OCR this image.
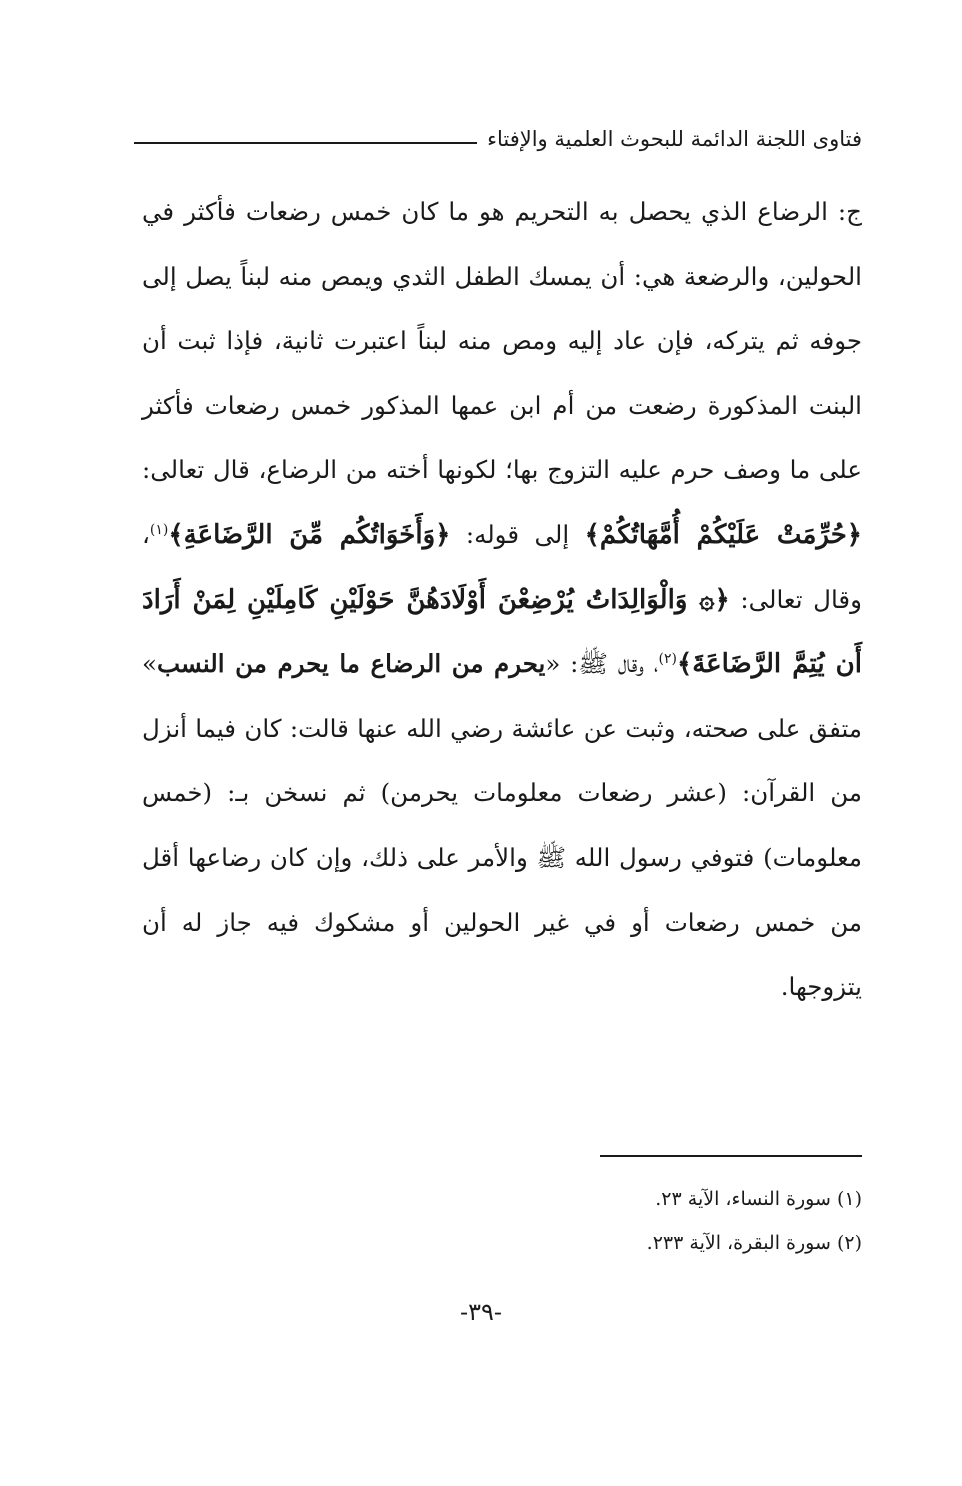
فتاوى اللجنة الدائمة للبحوث العلمية والإفتاء

ج: الرضاع الذي يحصل به التحريم هو ما كان خمس رضعات فأكثر في الحولين، والرضعة هي: أن يمسك الطفل الثدي ويمص منه لبناً يصل إلى جوفه ثم يتركه، فإن عاد إليه ومص منه لبناً اعتبرت ثانية، فإذا ثبت أن البنت المذكورة رضعت من أم ابن عمها المذكور خمس رضعات فأكثر على ما وصف حرم عليه التزوج بها؛ لكونها أخته من الرضاع، قال تعالى: ﴿حُرِّمَتْ عَلَيْكُمْ أُمَّهَاتُكُمْ﴾ إلى قوله: ﴿وَأَخَوَاتُكُم مِّنَ الرَّضَاعَةِ﴾$^{(١)}$، وقال تعالى: ﴿۞ وَالْوَالِدَاتُ يُرْضِعْنَ أَوْلَادَهُنَّ حَوْلَيْنِ كَامِلَيْنِ لِمَنْ أَرَادَ أَن يُتِمَّ الرَّضَاعَةَ﴾$^{(٢)}$، وقال ﷺ: «يحرم من الرضاع ما يحرم من النسب» متفق على صحته، وثبت عن عائشة رضي الله عنها قالت: كان فيما أنزل من القرآن: (عشر رضعات معلومات يحرمن) ثم نسخن بـ: (خمس معلومات) فتوفي رسول الله ﷺ والأمر على ذلك، وإن كان رضاعها أقل من خمس رضعات أو في غير الحولين أو مشكوك فيه جاز له أن يتزوجها.

(١) سورة النساء، الآية ٢٣.
(٢) سورة البقرة، الآية ٢٣٣.
-٣٩-
